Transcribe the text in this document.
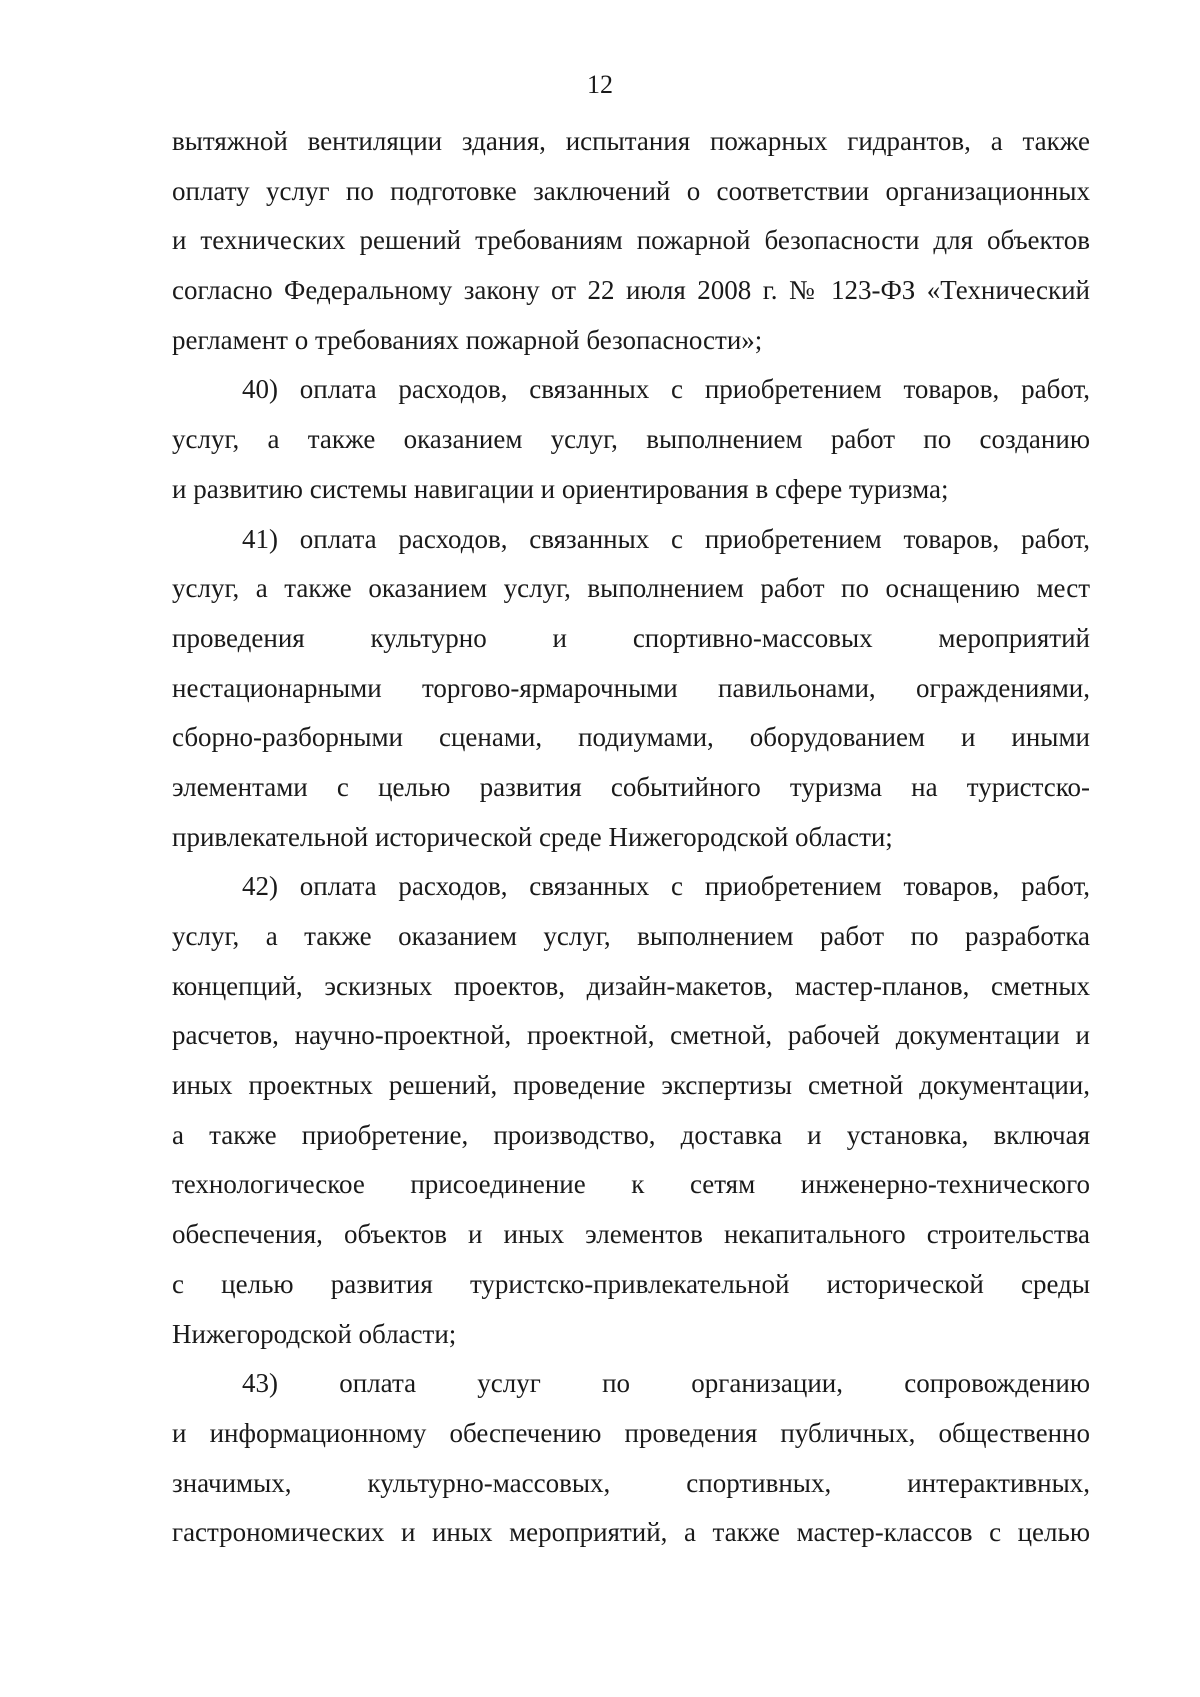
12
вытяжной вентиляции здания, испытания пожарных гидрантов, а также
оплату услуг по подготовке заключений о соответствии организационных
и технических решений требованиям пожарной безопасности для объектов
согласно Федеральному закону от 22 июля 2008 г. № 123-ФЗ «Технический
регламент о требованиях пожарной безопасности»;
40) оплата расходов, связанных с приобретением товаров, работ,
услуг, а также оказанием услуг, выполнением работ по созданию
и развитию системы навигации и ориентирования в сфере туризма;
41) оплата расходов, связанных с приобретением товаров, работ,
услуг, а также оказанием услуг, выполнением работ по оснащению мест
проведения культурно и спортивно-массовых мероприятий
нестационарными торгово-ярмарочными павильонами, ограждениями,
сборно-разборными сценами, подиумами, оборудованием и иными
элементами с целью развития событийного туризма на туристско-
привлекательной исторической среде Нижегородской области;
42) оплата расходов, связанных с приобретением товаров, работ,
услуг, а также оказанием услуг, выполнением работ по разработка
концепций, эскизных проектов, дизайн-макетов, мастер-планов, сметных
расчетов, научно-проектной, проектной, сметной, рабочей документации и
иных проектных решений, проведение экспертизы сметной документации,
а также приобретение, производство, доставка и установка, включая
технологическое присоединение к сетям инженерно-технического
обеспечения, объектов и иных элементов некапитального строительства
с целью развития туристско-привлекательной исторической среды
Нижегородской области;
43) оплата услуг по организации, сопровождению
и информационному обеспечению проведения публичных, общественно
значимых, культурно-массовых, спортивных, интерактивных,
гастрономических и иных мероприятий, а также мастер-классов с целью
